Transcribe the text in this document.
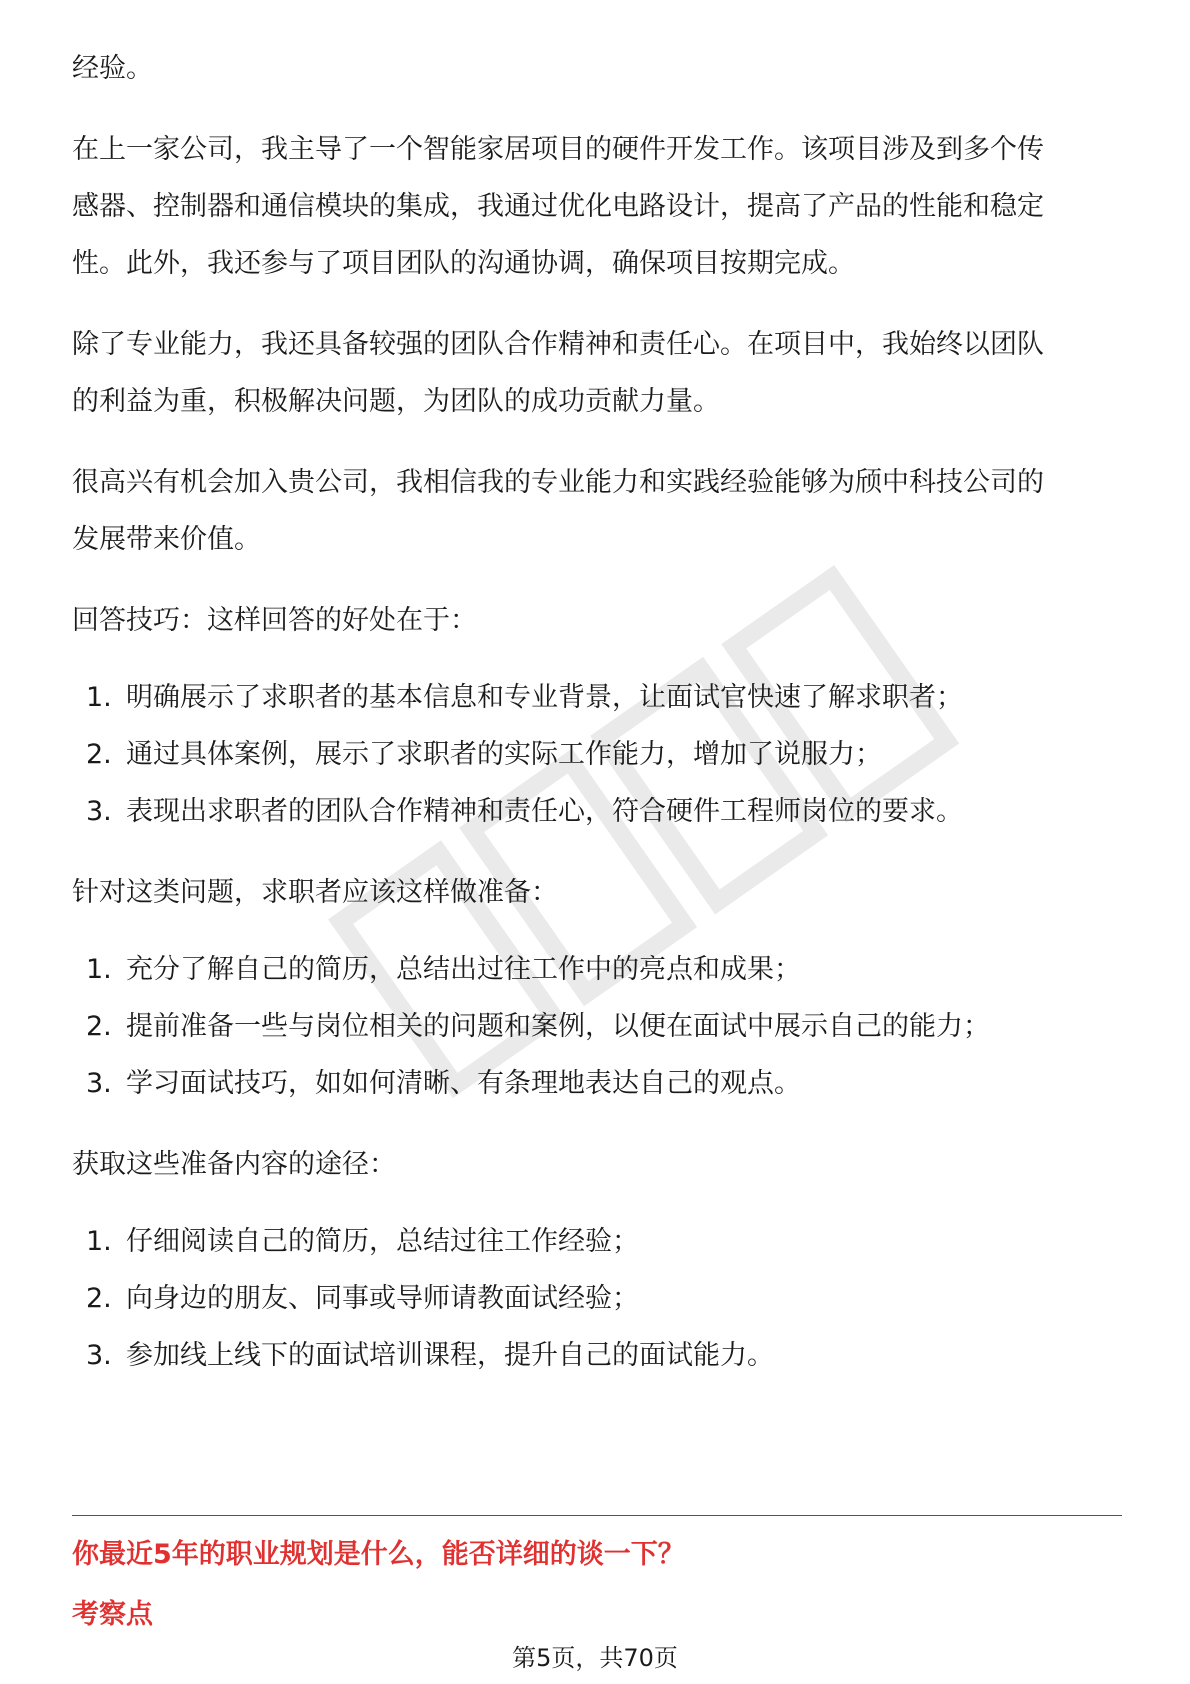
经验。

在上一家公司，我主导了一个智能家居项目的硬件开发工作。该项目涉及到多个传

感器、控制器和通信模块的集成，我通过优化电路设计，提高了产品的性能和稳定

性。此外，我还参与了项目团队的沟通协调，确保项目按期完成。

除了专业能力，我还具备较强的团队合作精神和责任心。在项目中，我始终以团队

的利益为重，积极解决问题，为团队的成功贡献力量。

很高兴有机会加入贵公司，我相信我的专业能力和实践经验能够为颀中科技公司的

发展带来价值。

回答技巧：这样回答的好处在于：

1. 明确展示了求职者的基本信息和专业背景，让面试官快速了解求职者；
2. 通过具体案例，展示了求职者的实际工作能力，增加了说服力；
3. 表现出求职者的团队合作精神和责任心，符合硬件工程师岗位的要求。

针对这类问题，求职者应该这样做准备：

1. 充分了解自己的简历，总结出过往工作中的亮点和成果；
2. 提前准备一些与岗位相关的问题和案例，以便在面试中展示自己的能力；
3. 学习面试技巧，如如何清晰、有条理地表达自己的观点。

获取这些准备内容的途径：

1. 仔细阅读自己的简历，总结过往工作经验；
2. 向身边的朋友、同事或导师请教面试经验；
3. 参加线上线下的面试培训课程，提升自己的面试能力。

你最近5年的职业规划是什么，能否详细的谈一下？

考察点

第5页，共70页
